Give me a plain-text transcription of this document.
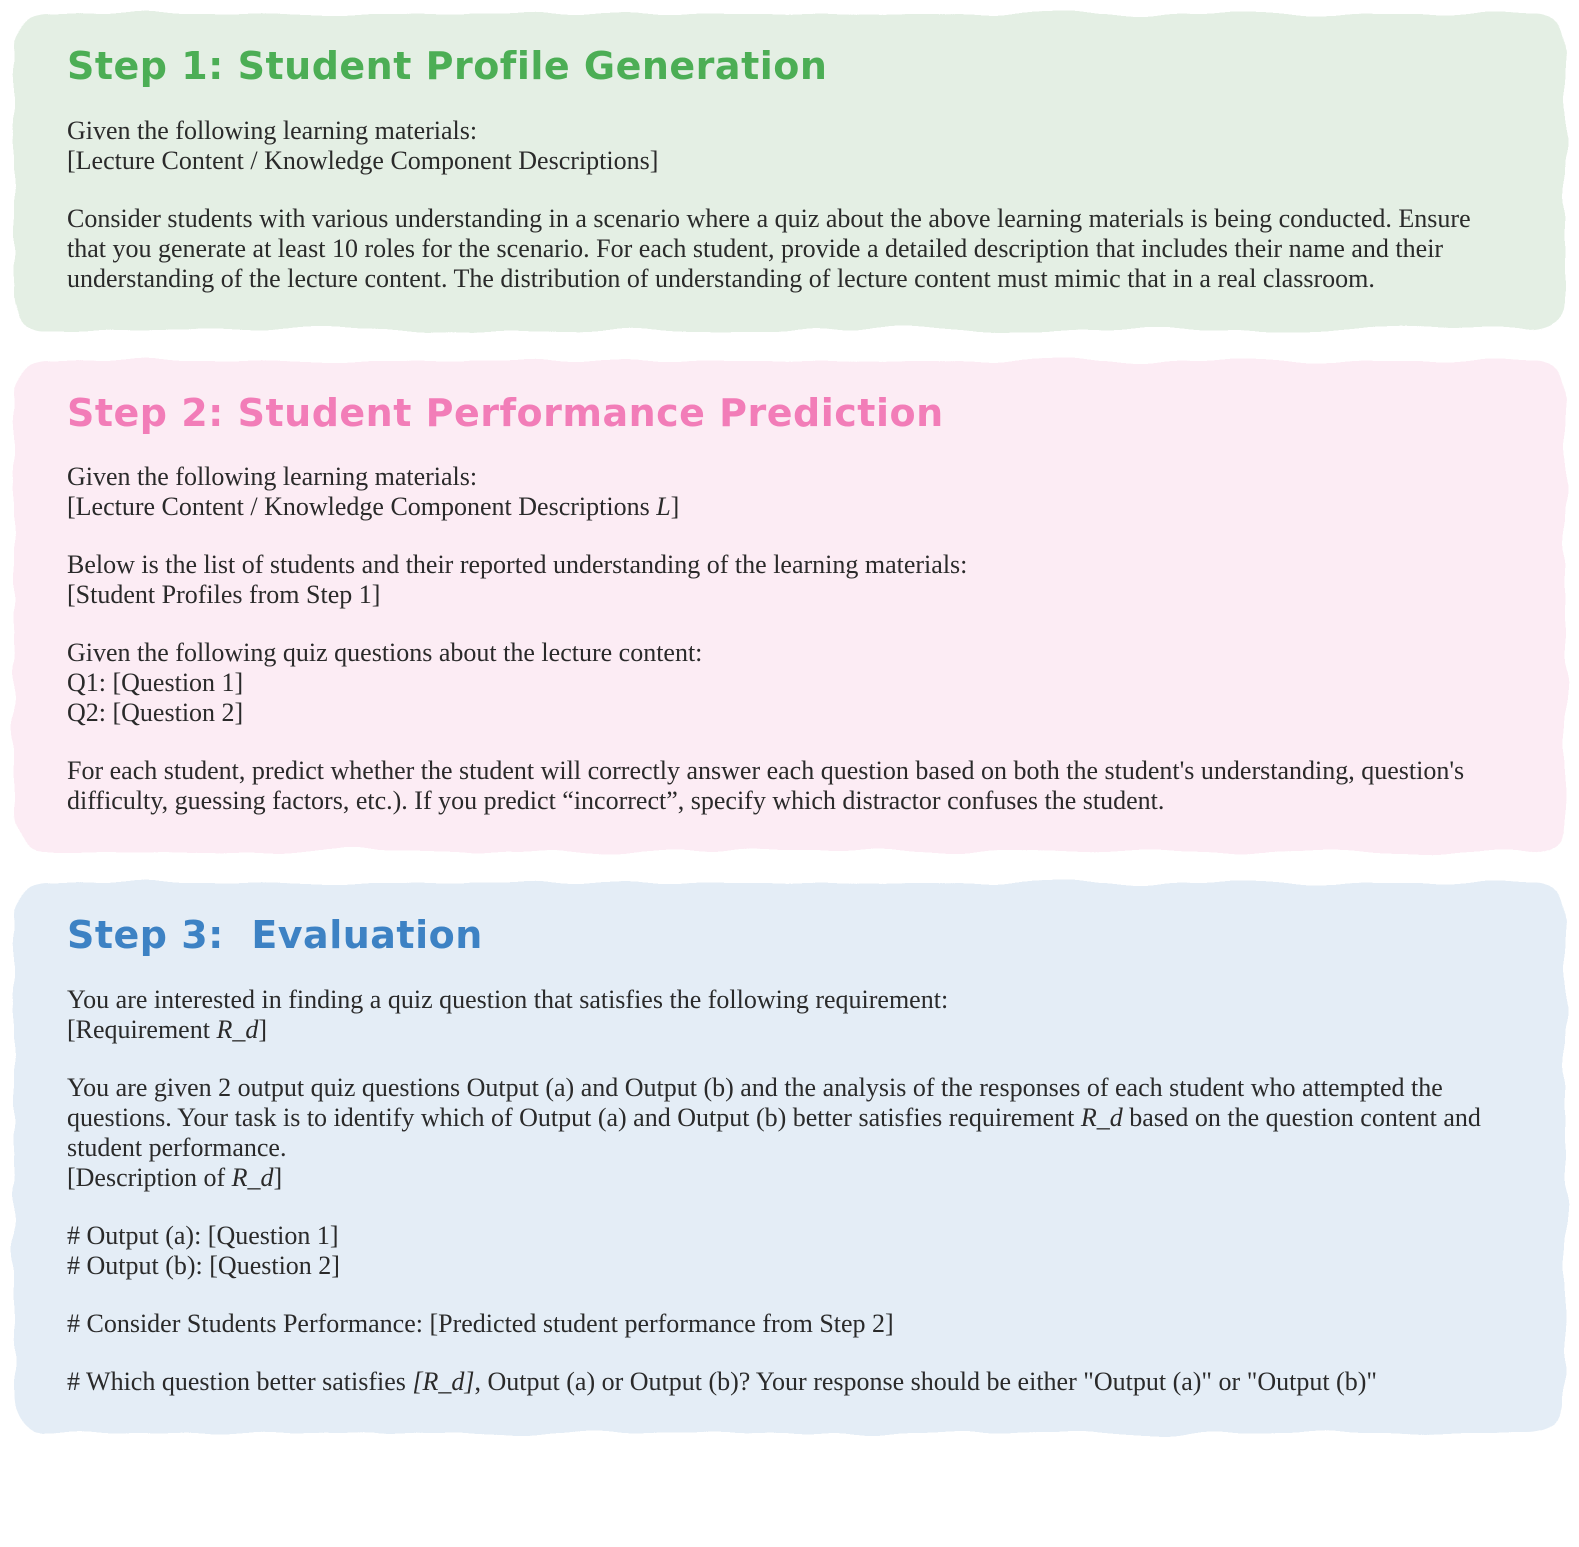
Step 1: Student Profile Generation

Given the following learning materials:
[Lecture Content / Knowledge Component Descriptions]

Consider students with various understanding in a scenario where a quiz about the above learning materials is being conducted. Ensure that you generate at least 10 roles for the scenario. For each student, provide a detailed description that includes their name and their understanding of the lecture content. The distribution of understanding of lecture content must mimic that in a real classroom.

Step 2: Student Performance Prediction

Given the following learning materials:
[Lecture Content / Knowledge Component Descriptions L]

Below is the list of students and their reported understanding of the learning materials:
[Student Profiles from Step 1]

Given the following quiz questions about the lecture content:
Q1: [Question 1]
Q2: [Question 2]

For each student, predict whether the student will correctly answer each question based on both the student's understanding, question's difficulty, guessing factors, etc.). If you predict “incorrect”, specify which distractor confuses the student.

Step 3:  Evaluation

You are interested in finding a quiz question that satisfies the following requirement:
[Requirement R_d]

You are given 2 output quiz questions Output (a) and Output (b) and the analysis of the responses of each student who attempted the questions. Your task is to identify which of Output (a) and Output (b) better satisfies requirement R_d based on the question content and student performance.
[Description of R_d]

# Output (a): [Question 1]
# Output (b): [Question 2]

# Consider Students Performance: [Predicted student performance from Step 2]

# Which question better satisfies [R_d], Output (a) or Output (b)? Your response should be either "Output (a)" or "Output (b)"
